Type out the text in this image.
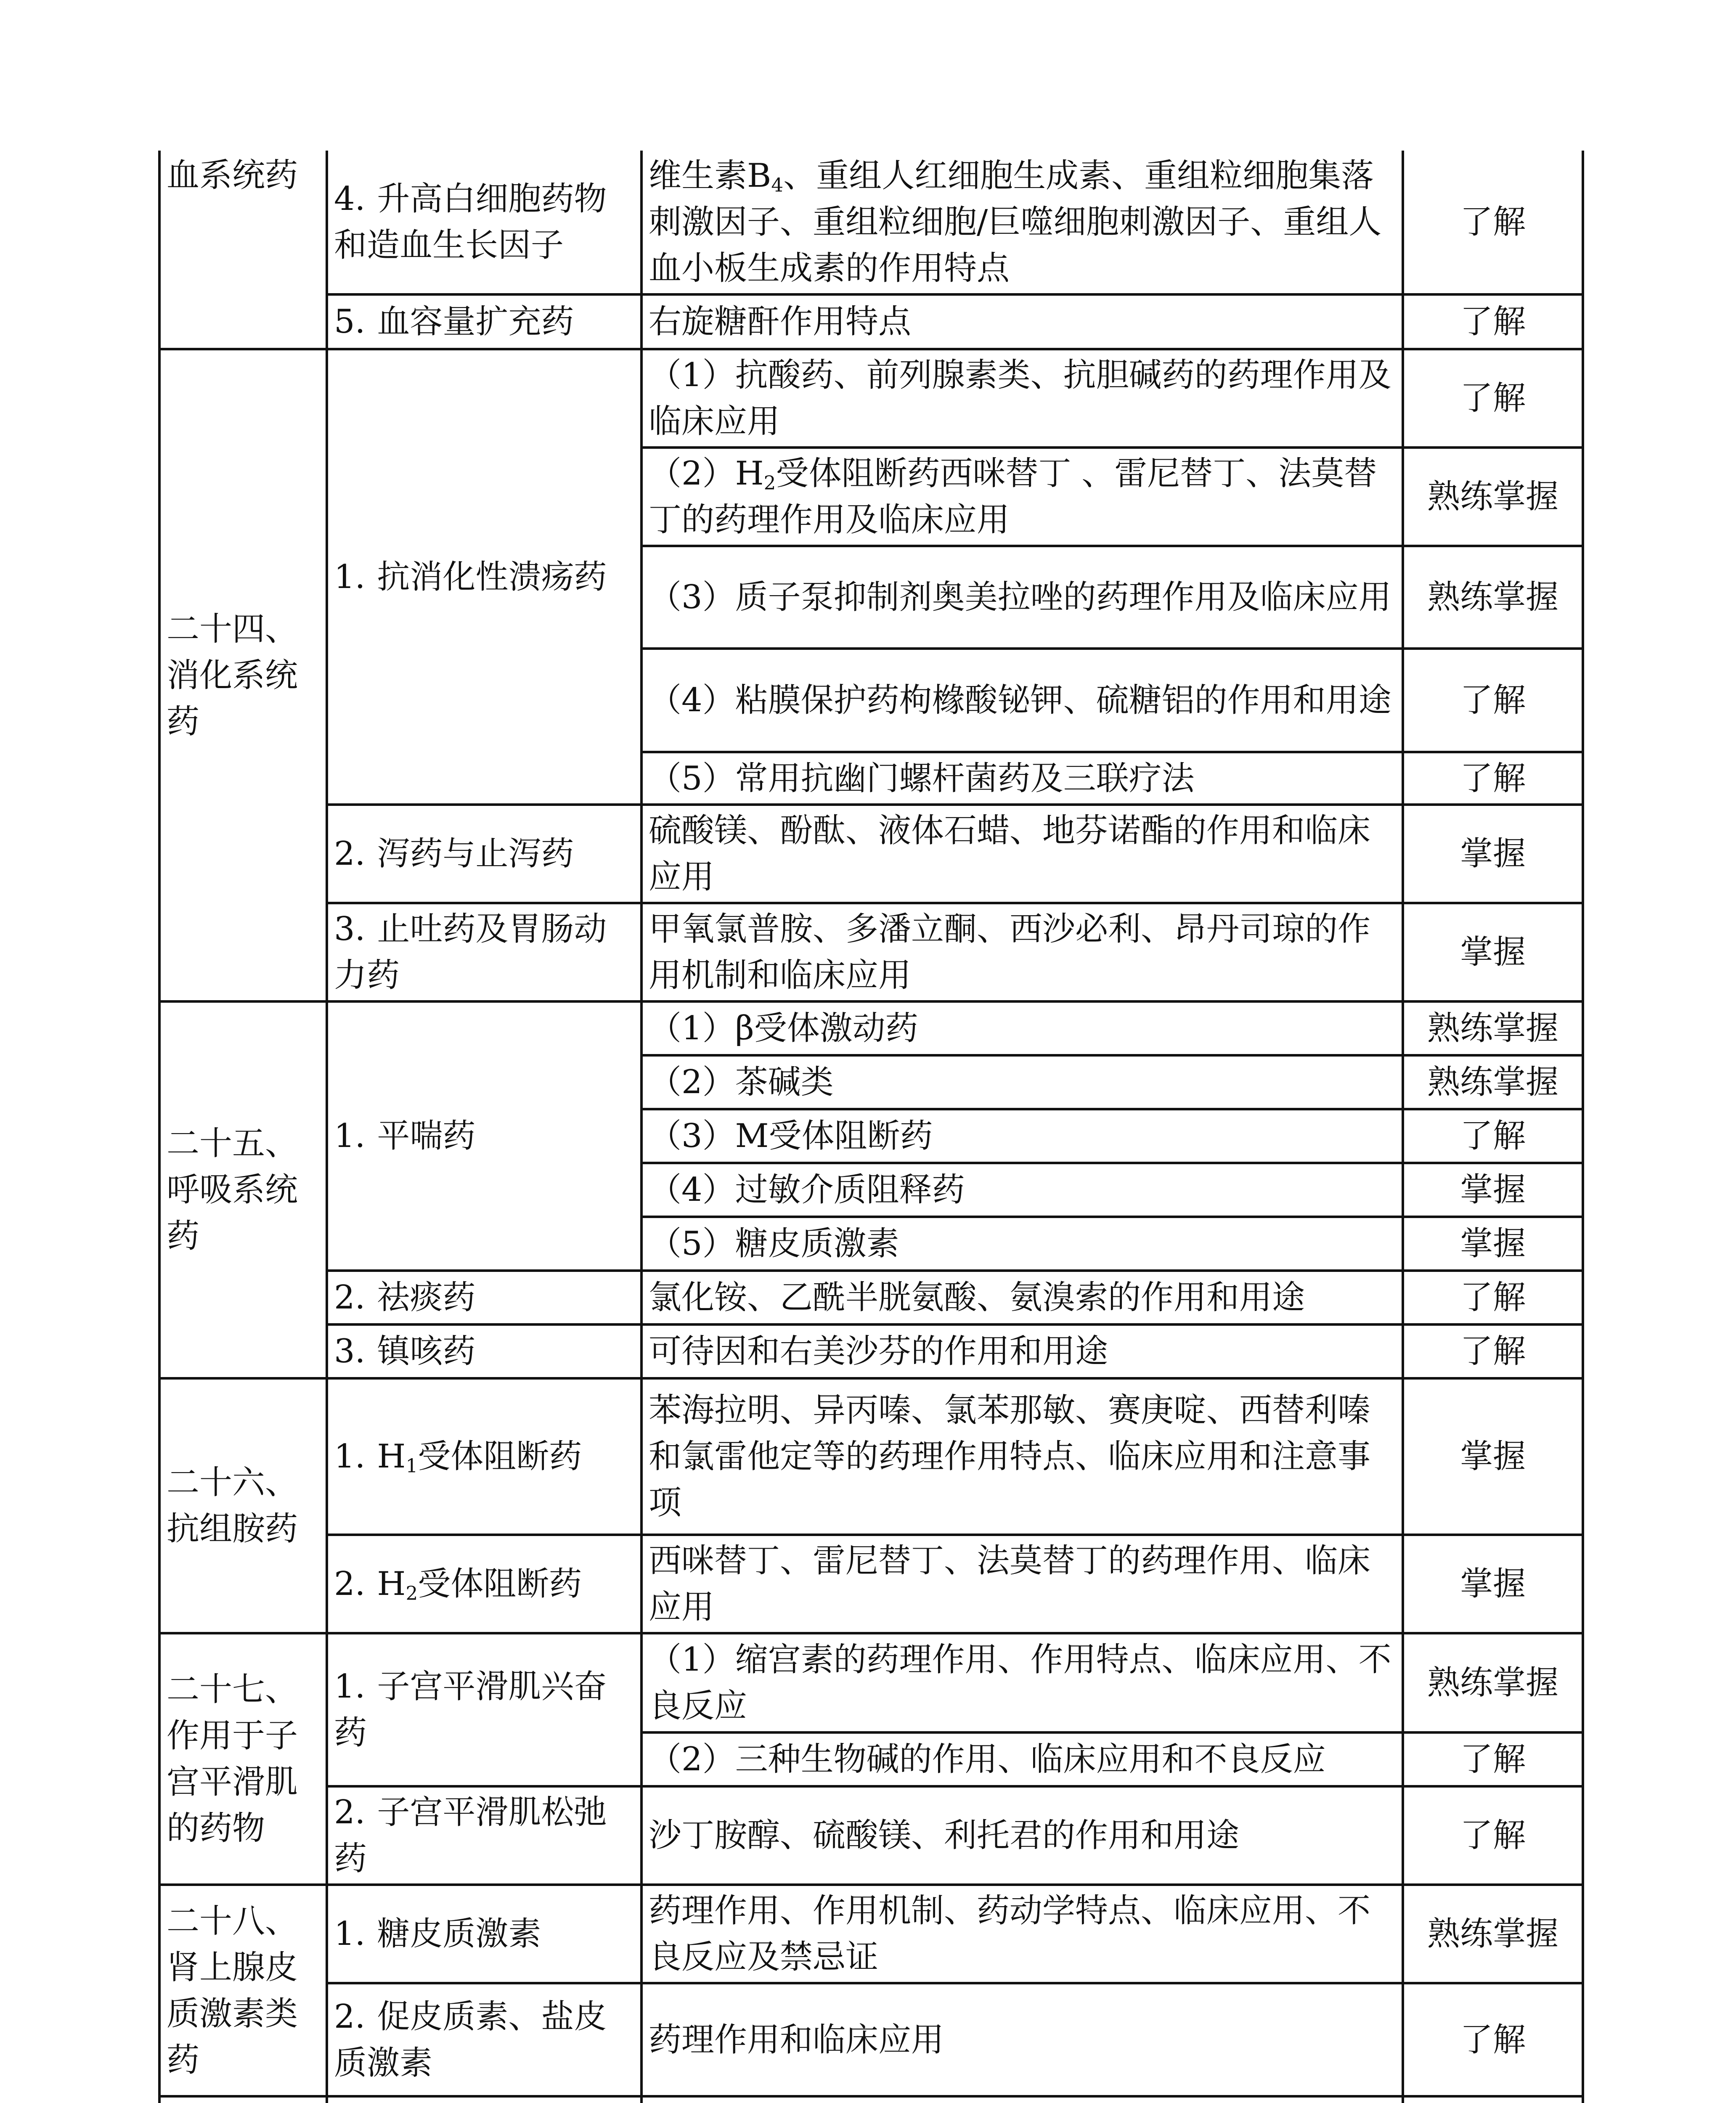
血系统药	4. 升高白细胞药物和造血生长因子	维生素$B_4$、重组人红细胞生成素、重组粒细胞集落刺激因子、重组粒细胞/巨噬细胞刺激因子、重组人血小板生成素的作用特点	了解
	5. 血容量扩充药	右旋糖酐作用特点	了解
二十四、消化系统药	1. 抗消化性溃疡药	（1）抗酸药、前列腺素类、抗胆碱药的药理作用及临床应用	了解
		$(2)H_2$受体阻断药西咪替丁 、雷尼替丁、法莫替丁的药理作用及临床应用	熟练掌握
		（3）质子泵抑制剂奥美拉唑的药理作用及临床应用	熟练掌握
		（4）粘膜保护药枸橼酸铋钾、硫糖铝的作用和用途	了解
		（5）常用抗幽门螺杆菌药及三联疗法	了解
	2. 泻药与止泻药	硫酸镁、酚酞、液体石蜡、地芬诺酯的作用和临床应用	掌握
	3. 止吐药及胃肠动力药	甲氧氯普胺、多潘立酮、西沙必利、昂丹司琼的作用机制和临床应用	掌握
二十五、呼吸系统药	1. 平喘药	（1）β受体激动药	熟练掌握
		（2）茶碱类	熟练掌握
		（3）M受体阻断药	了解
		（4）过敏介质阻释药	掌握
		（5）糖皮质激素	掌握
	2. 祛痰药	氯化铵、乙酰半胱氨酸、氨溴索的作用和用途	了解
	3. 镇咳药	可待因和右美沙芬的作用和用途	了解
二十六、抗组胺药	1. $H_1$受体阻断药	苯海拉明、异丙嗪、氯苯那敏、赛庚啶、西替利嗪和氯雷他定等的药理作用特点、临床应用和注意事项	掌握
	2. $H_2$受体阻断药	西咪替丁、雷尼替丁、法莫替丁的药理作用、临床应用	掌握
二十七、作用于子宫平滑肌的药物	1. 子宫平滑肌兴奋药	（1）缩宫素的药理作用、作用特点、临床应用、不良反应	熟练掌握
		（2）三种生物碱的作用、临床应用和不良反应	了解
	2. 子宫平滑肌松弛药	沙丁胺醇、硫酸镁、利托君的作用和用途	了解
二十八、肾上腺皮质激素类药	1. 糖皮质激素	药理作用、作用机制、药动学特点、临床应用、不良反应及禁忌证	熟练掌握
	2. 促皮质素、盐皮质激素	药理作用和临床应用	了解
